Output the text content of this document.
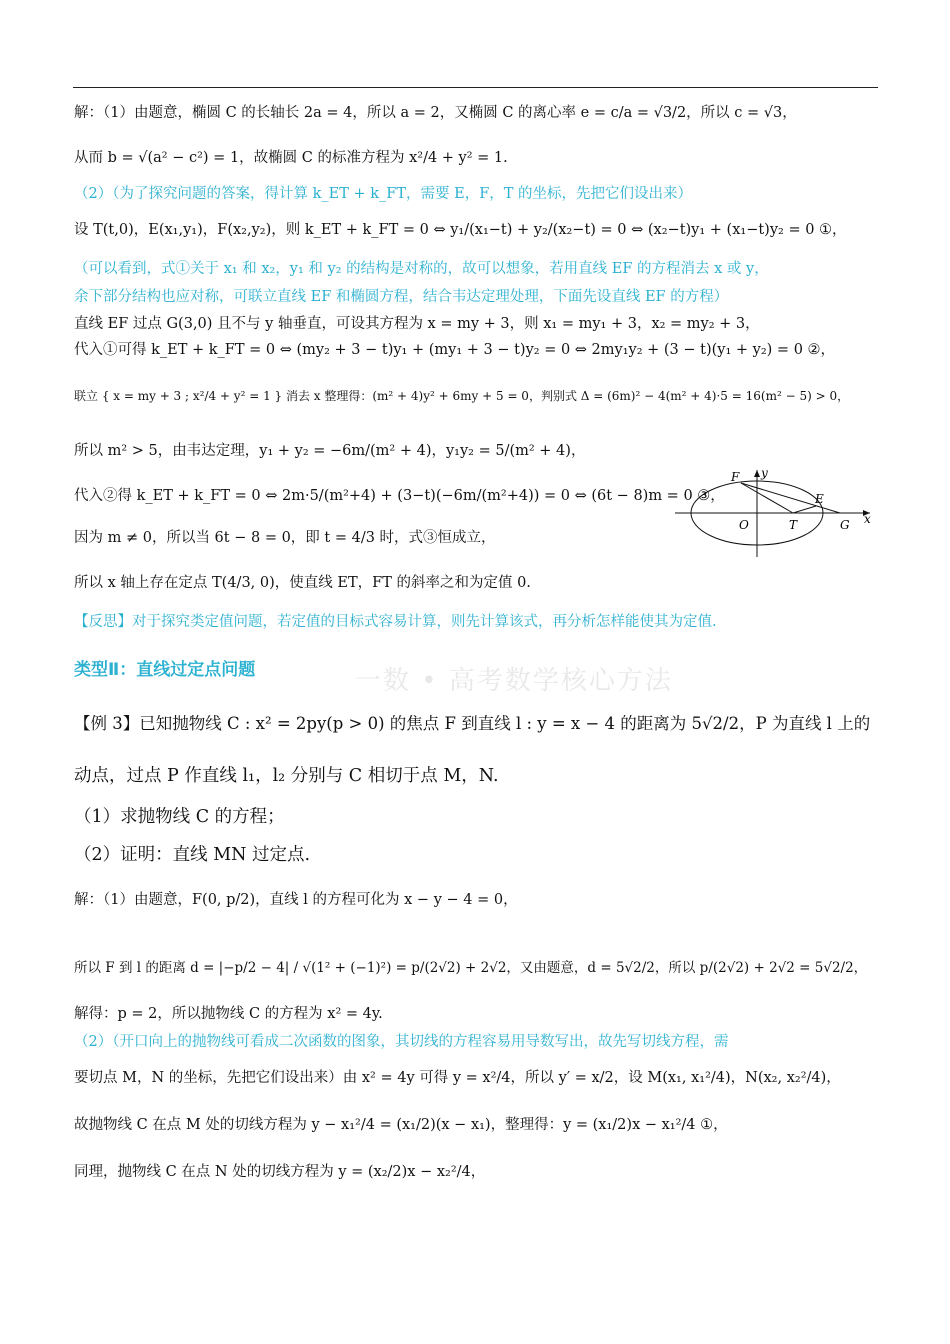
一数 • 高考数学核心方法
解：（1）由题意，椭圆 C 的长轴长 2a = 4，所以 a = 2，又椭圆 C 的离心率 e = c/a = √3/2，所以 c = √3，
从而 b = √(a² − c²) = 1，故椭圆 C 的标准方程为 x²/4 + y² = 1.
（2）（为了探究问题的答案，得计算 k_ET + k_FT，需要 E，F，T 的坐标，先把它们设出来）
设 T(t,0)，E(x₁,y₁)，F(x₂,y₂)，则 k_ET + k_FT = 0 ⇔ y₁/(x₁−t) + y₂/(x₂−t) = 0 ⇔ (x₂−t)y₁ + (x₁−t)y₂ = 0 ①，
（可以看到，式①关于 x₁ 和 x₂，y₁ 和 y₂ 的结构是对称的，故可以想象，若用直线 EF 的方程消去 x 或 y，
余下部分结构也应对称，可联立直线 EF 和椭圆方程，结合韦达定理处理，下面先设直线 EF 的方程）
直线 EF 过点 G(3,0) 且不与 y 轴垂直，可设其方程为 x = my + 3，则 x₁ = my₁ + 3，x₂ = my₂ + 3，
代入①可得 k_ET + k_FT = 0 ⇔ (my₂ + 3 − t)y₁ + (my₁ + 3 − t)y₂ = 0 ⇔ 2my₁y₂ + (3 − t)(y₁ + y₂) = 0 ②，
联立 { x = my + 3 ; x²/4 + y² = 1 } 消去 x 整理得：(m² + 4)y² + 6my + 5 = 0，判别式 Δ = (6m)² − 4(m² + 4)·5 = 16(m² − 5) > 0，
所以 m² > 5，由韦达定理，y₁ + y₂ = −6m/(m² + 4)，y₁y₂ = 5/(m² + 4)，
代入②得 k_ET + k_FT = 0 ⇔ 2m·5/(m²+4) + (3−t)(−6m/(m²+4)) = 0 ⇔ (6t − 8)m = 0 ③，
因为 m ≠ 0，所以当 6t − 8 = 0，即 t = 4/3 时，式③恒成立，
所以 x 轴上存在定点 T(4/3, 0)，使直线 ET，FT 的斜率之和为定值 0.
【反思】对于探究类定值问题，若定值的目标式容易计算，则先计算该式，再分析怎样能使其为定值.
类型Ⅱ：直线过定点问题
【例 3】已知抛物线 C : x² = 2py(p > 0) 的焦点 F 到直线 l : y = x − 4 的距离为 5√2/2，P 为直线 l 上的
动点，过点 P 作直线 l₁，l₂ 分别与 C 相切于点 M，N.
（1）求抛物线 C 的方程；
（2）证明：直线 MN 过定点.
解：（1）由题意，F(0, p/2)，直线 l 的方程可化为 x − y − 4 = 0，
所以 F 到 l 的距离 d = |−p/2 − 4| / √(1² + (−1)²) = p/(2√2) + 2√2，又由题意，d = 5√2/2，所以 p/(2√2) + 2√2 = 5√2/2，
解得：p = 2，所以抛物线 C 的方程为 x² = 4y.
（2）（开口向上的抛物线可看成二次函数的图象，其切线的方程容易用导数写出，故先写切线方程，需
要切点 M，N 的坐标，先把它们设出来）由 x² = 4y 可得 y = x²/4，所以 y′ = x/2，设 M(x₁, x₁²/4)，N(x₂, x₂²/4)，
故抛物线 C 在点 M 处的切线方程为 y − x₁²/4 = (x₁/2)(x − x₁)，整理得：y = (x₁/2)x − x₁²/4 ①，
同理，抛物线 C 在点 N 处的切线方程为 y = (x₂/2)x − x₂²/4，
F y
E
x
O	T	G
